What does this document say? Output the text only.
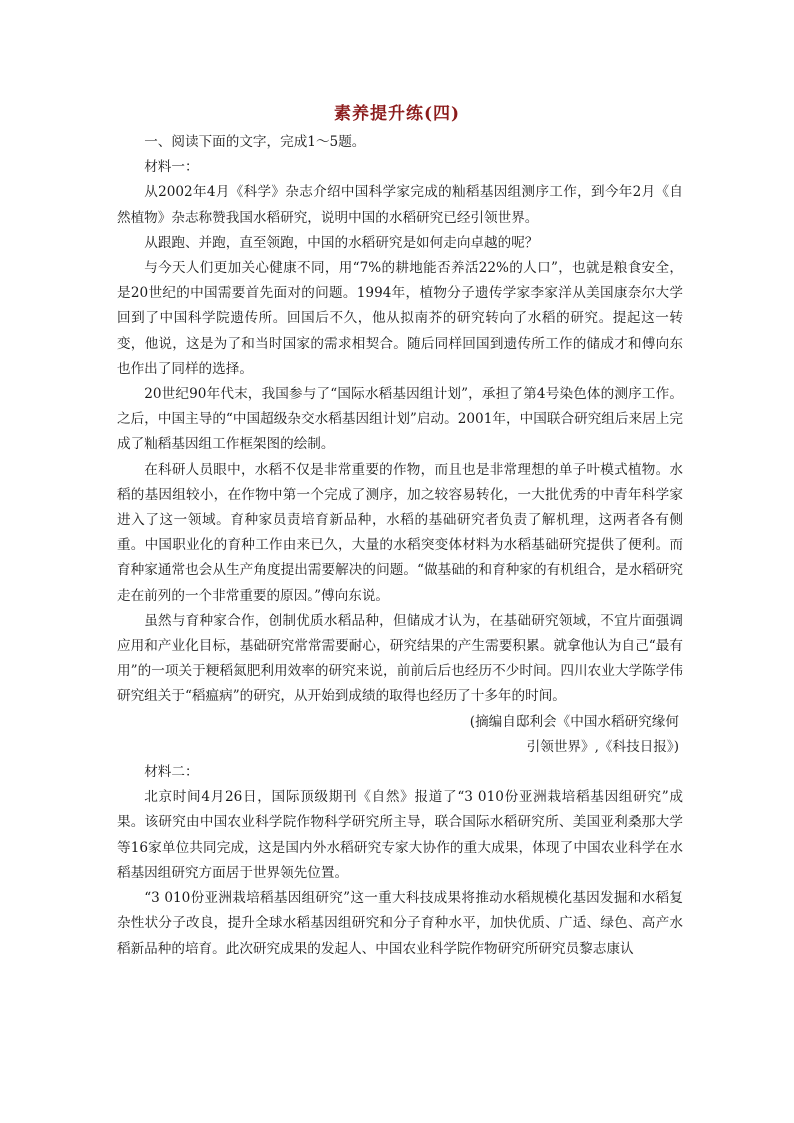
素养提升练(四)

一、阅读下面的文字，完成1～5题。

材料一：

从2002年4月《科学》杂志介绍中国科学家完成的籼稻基因组测序工作，到今年2月《自然植物》杂志称赞我国水稻研究，说明中国的水稻研究已经引领世界。

从跟跑、并跑，直至领跑，中国的水稻研究是如何走向卓越的呢？

与今天人们更加关心健康不同，用“7%的耕地能否养活22%的人口”，也就是粮食安全，是20世纪的中国需要首先面对的问题。1994年，植物分子遗传学家李家洋从美国康奈尔大学回到了中国科学院遗传所。回国后不久，他从拟南芥的研究转向了水稻的研究。提起这一转变，他说，这是为了和当时国家的需求相契合。随后同样回国到遗传所工作的储成才和傅向东也作出了同样的选择。

20世纪90年代末，我国参与了“国际水稻基因组计划”，承担了第4号染色体的测序工作。之后，中国主导的“中国超级杂交水稻基因组计划”启动。2001年，中国联合研究组后来居上完成了籼稻基因组工作框架图的绘制。

在科研人员眼中，水稻不仅是非常重要的作物，而且也是非常理想的单子叶模式植物。水稻的基因组较小，在作物中第一个完成了测序，加之较容易转化，一大批优秀的中青年科学家进入了这一领域。育种家员责培育新品种，水稻的基础研究者负责了解机理，这两者各有侧重。中国职业化的育种工作由来已久，大量的水稻突变体材料为水稻基础研究提供了便利。而育种家通常也会从生产角度提出需要解决的问题。“做基础的和育种家的有机组合，是水稻研究走在前列的一个非常重要的原因。”傅向东说。

虽然与育种家合作，创制优质水稻品种，但储成才认为，在基础研究领域，不宜片面强调应用和产业化目标，基础研究常常需要耐心，研究结果的产生需要积累。就拿他认为自己“最有用”的一项关于粳稻氮肥利用效率的研究来说，前前后后也经历不少时间。四川农业大学陈学伟研究组关于“稻瘟病”的研究，从开始到成绩的取得也经历了十多年的时间。

(摘编自邸利会《中国水稻研究缘何

引领世界》,《科技日报》)

材料二：

北京时间4月26日，国际顶级期刊《自然》报道了“3 010份亚洲栽培稻基因组研究”成果。该研究由中国农业科学院作物科学研究所主导，联合国际水稻研究所、美国亚利桑那大学等16家单位共同完成，这是国内外水稻研究专家大协作的重大成果，体现了中国农业科学在水稻基因组研究方面居于世界领先位置。

“3 010份亚洲栽培稻基因组研究”这一重大科技成果将推动水稻规模化基因发掘和水稻复杂性状分子改良，提升全球水稻基因组研究和分子育种水平，加快优质、广适、绿色、高产水稻新品种的培育。此次研究成果的发起人、中国农业科学院作物研究所研究员黎志康认
